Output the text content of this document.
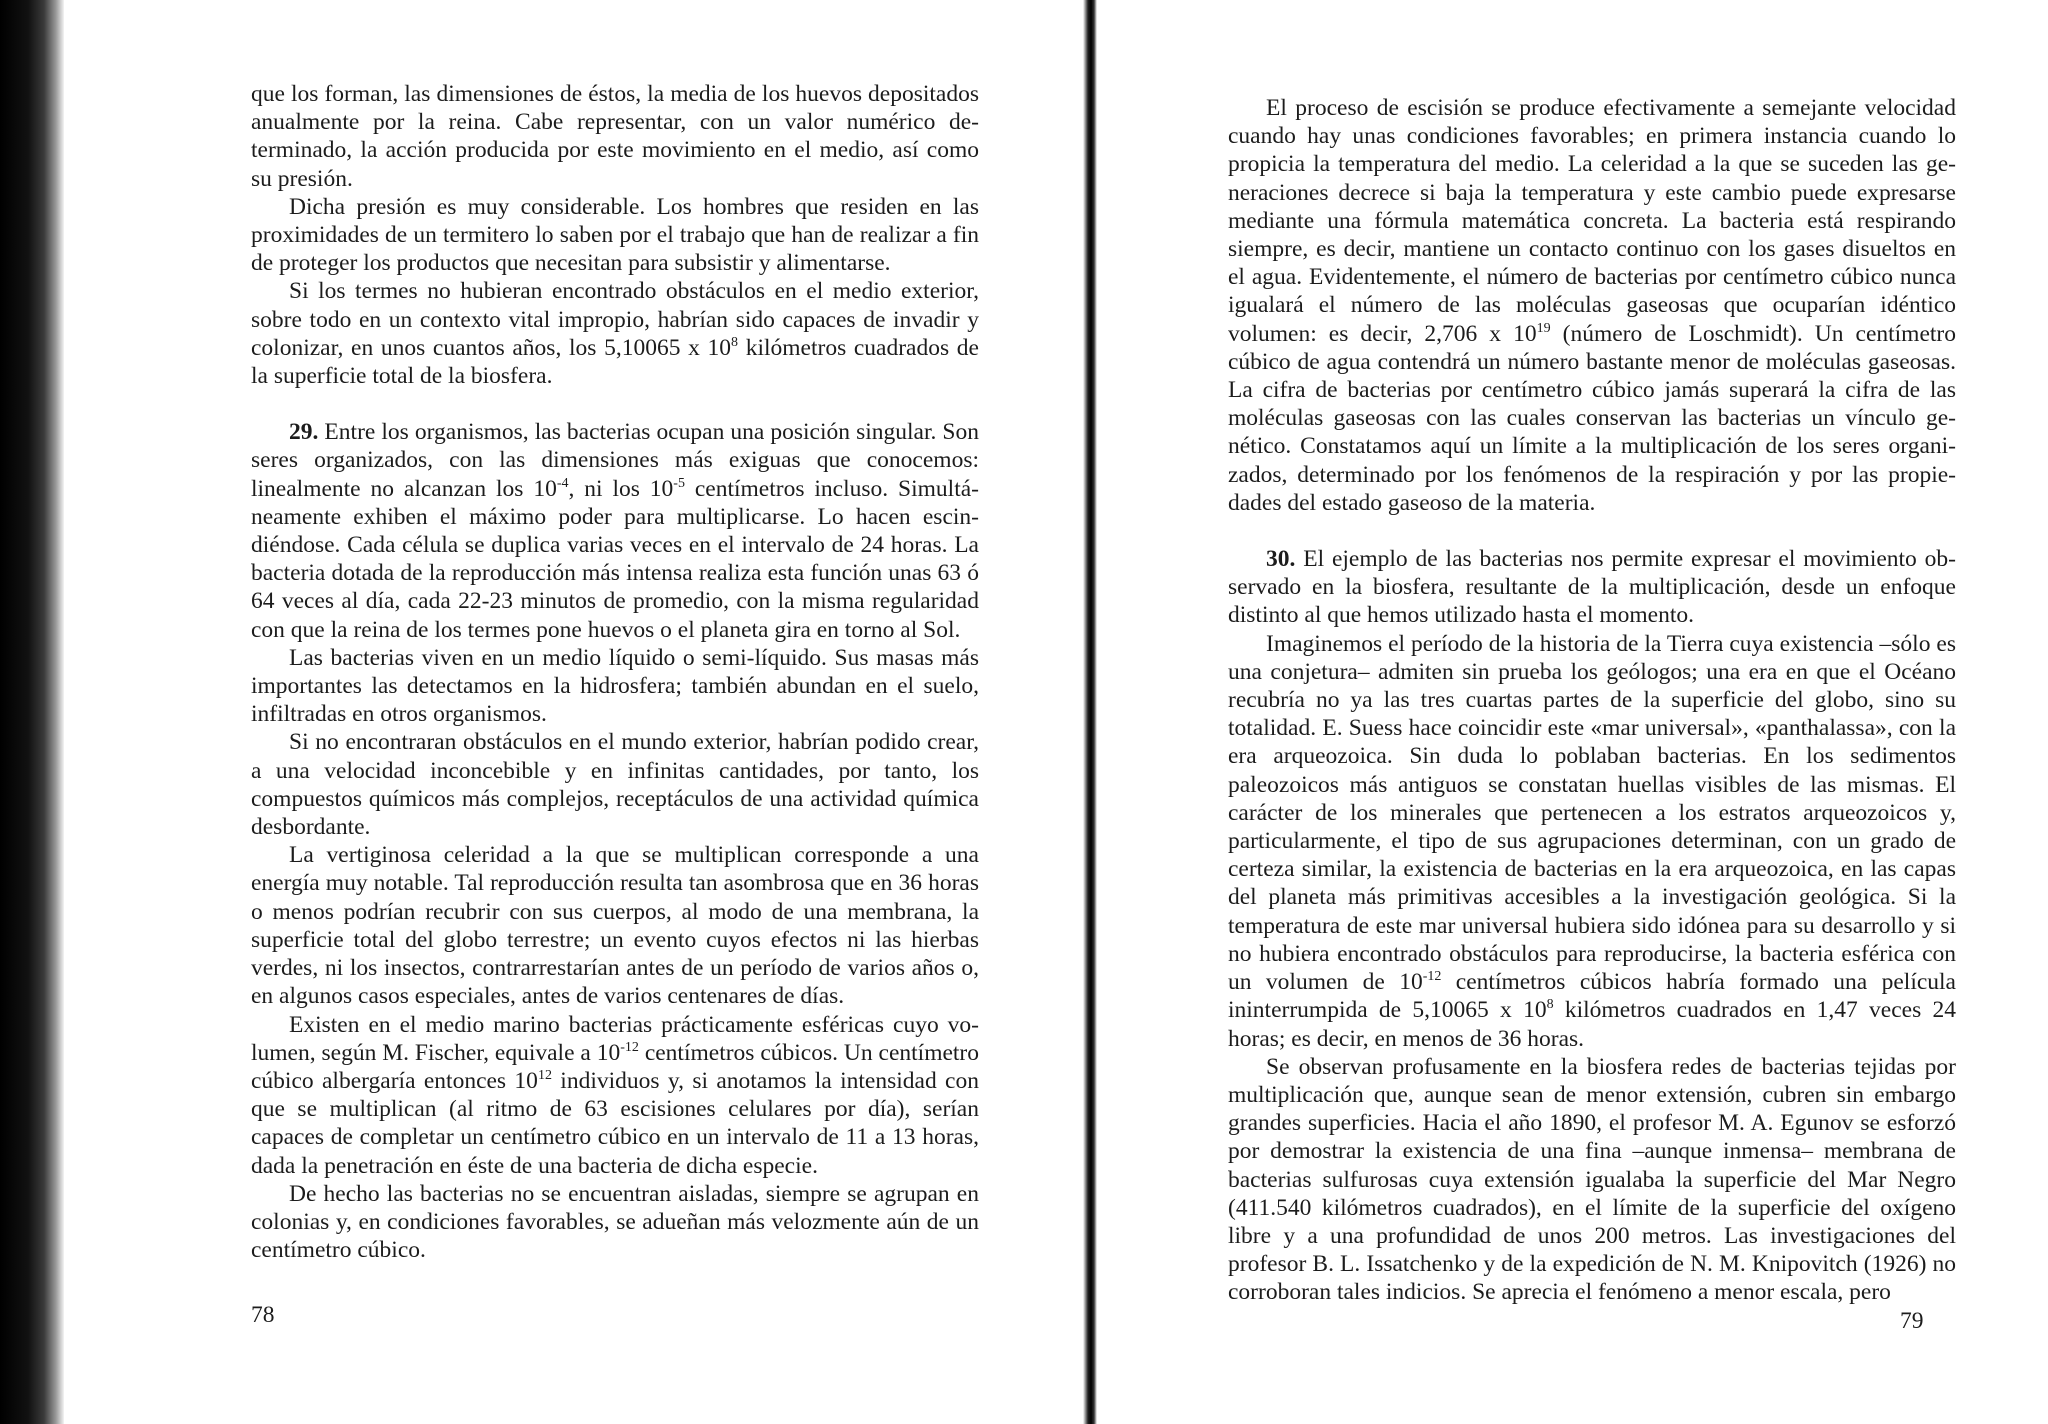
que los forman, las dimensiones de éstos, la media de los huevos depositados anualmente por la reina. Cabe representar, con un valor numérico determinado, la acción producida por este movimiento en el medio, así como su presión.

Dicha presión es muy considerable. Los hombres que residen en las proximidades de un termitero lo saben por el trabajo que han de realizar a fin de proteger los productos que necesitan para subsistir y alimentarse.

Si los termes no hubieran encontrado obstáculos en el medio exterior, sobre todo en un contexto vital impropio, habrían sido capaces de invadir y colonizar, en unos cuantos años, los 5,10065 x $10^8$ kilómetros cuadrados de la superficie total de la biosfera.

29. Entre los organismos, las bacterias ocupan una posición singular. Son seres organizados, con las dimensiones más exiguas que conocemos: linealmente no alcanzan los $10^{-4}$, ni los $10^{-5}$ centímetros incluso. Simultáneamente exhiben el máximo poder para multiplicarse. Lo hacen escindiéndose. Cada célula se duplica varias veces en el intervalo de 24 horas. La bacteria dotada de la reproducción más intensa realiza esta función unas 63 ó 64 veces al día, cada 22-23 minutos de promedio, con la misma regularidad con que la reina de los termes pone huevos o el planeta gira en torno al Sol.

Las bacterias viven en un medio líquido o semi-líquido. Sus masas más importantes las detectamos en la hidrosfera; también abundan en el suelo, infiltradas en otros organismos.

Si no encontraran obstáculos en el mundo exterior, habrían podido crear, a una velocidad inconcebible y en infinitas cantidades, por tanto, los compuestos químicos más complejos, receptáculos de una actividad química desbordante.

La vertiginosa celeridad a la que se multiplican corresponde a una energía muy notable. Tal reproducción resulta tan asombrosa que en 36 horas o menos podrían recubrir con sus cuerpos, al modo de una membrana, la superficie total del globo terrestre; un evento cuyos efectos ni las hierbas verdes, ni los insectos, contrarrestarían antes de un período de varios años o, en algunos casos especiales, antes de varios centenares de días.

Existen en el medio marino bacterias prácticamente esféricas cuyo volumen, según M. Fischer, equivale a $10^{-12}$ centímetros cúbicos. Un centímetro cúbico albergaría entonces $10^{12}$ individuos y, si anotamos la intensidad con que se multiplican (al ritmo de 63 escisiones celulares por día), serían capaces de completar un centímetro cúbico en un intervalo de 11 a 13 horas, dada la penetración en éste de una bacteria de dicha especie.

De hecho las bacterias no se encuentran aisladas, siempre se agrupan en colonias y, en condiciones favorables, se adueñan más velozmente aún de un centímetro cúbico.

78

El proceso de escisión se produce efectivamente a semejante velocidad cuando hay unas condiciones favorables; en primera instancia cuando lo propicia la temperatura del medio. La celeridad a la que se suceden las generaciones decrece si baja la temperatura y este cambio puede expresarse mediante una fórmula matemática concreta. La bacteria está respirando siempre, es decir, mantiene un contacto continuo con los gases disueltos en el agua. Evidentemente, el número de bacterias por centímetro cúbico nunca igualará el número de las moléculas gaseosas que ocuparían idéntico volumen: es decir, 2,706 x $10^{19}$ (número de Loschmidt). Un centímetro cúbico de agua contendrá un número bastante menor de moléculas gaseosas. La cifra de bacterias por centímetro cúbico jamás superará la cifra de las moléculas gaseosas con las cuales conservan las bacterias un vínculo genético. Constatamos aquí un límite a la multiplicación de los seres organizados, determinado por los fenómenos de la respiración y por las propiedades del estado gaseoso de la materia.

30. El ejemplo de las bacterias nos permite expresar el movimiento observado en la biosfera, resultante de la multiplicación, desde un enfoque distinto al que hemos utilizado hasta el momento.

Imaginemos el período de la historia de la Tierra cuya existencia –sólo es una conjetura– admiten sin prueba los geólogos; una era en que el Océano recubría no ya las tres cuartas partes de la superficie del globo, sino su totalidad. E. Suess hace coincidir este «mar universal», «panthalassa», con la era arqueozoica. Sin duda lo poblaban bacterias. En los sedimentos paleozoicos más antiguos se constatan huellas visibles de las mismas. El carácter de los minerales que pertenecen a los estratos arqueozoicos y, particularmente, el tipo de sus agrupaciones determinan, con un grado de certeza similar, la existencia de bacterias en la era arqueozoica, en las capas del planeta más primitivas accesibles a la investigación geológica. Si la temperatura de este mar universal hubiera sido idónea para su desarrollo y si no hubiera encontrado obstáculos para reproducirse, la bacteria esférica con un volumen de $10^{-12}$ centímetros cúbicos habría formado una película ininterrumpida de 5,10065 x $10^8$ kilómetros cuadrados en 1,47 veces 24 horas; es decir, en menos de 36 horas.

Se observan profusamente en la biosfera redes de bacterias tejidas por multiplicación que, aunque sean de menor extensión, cubren sin embargo grandes superficies. Hacia el año 1890, el profesor M. A. Egunov se esforzó por demostrar la existencia de una fina –aunque inmensa– membrana de bacterias sulfurosas cuya extensión igualaba la superficie del Mar Negro (411.540 kilómetros cuadrados), en el límite de la superficie del oxígeno libre y a una profundidad de unos 200 metros. Las investigaciones del profesor B. L. Issatchenko y de la expedición de N. M. Knipovitch (1926) no corroboran tales indicios. Se aprecia el fenómeno a menor escala, pero

79
